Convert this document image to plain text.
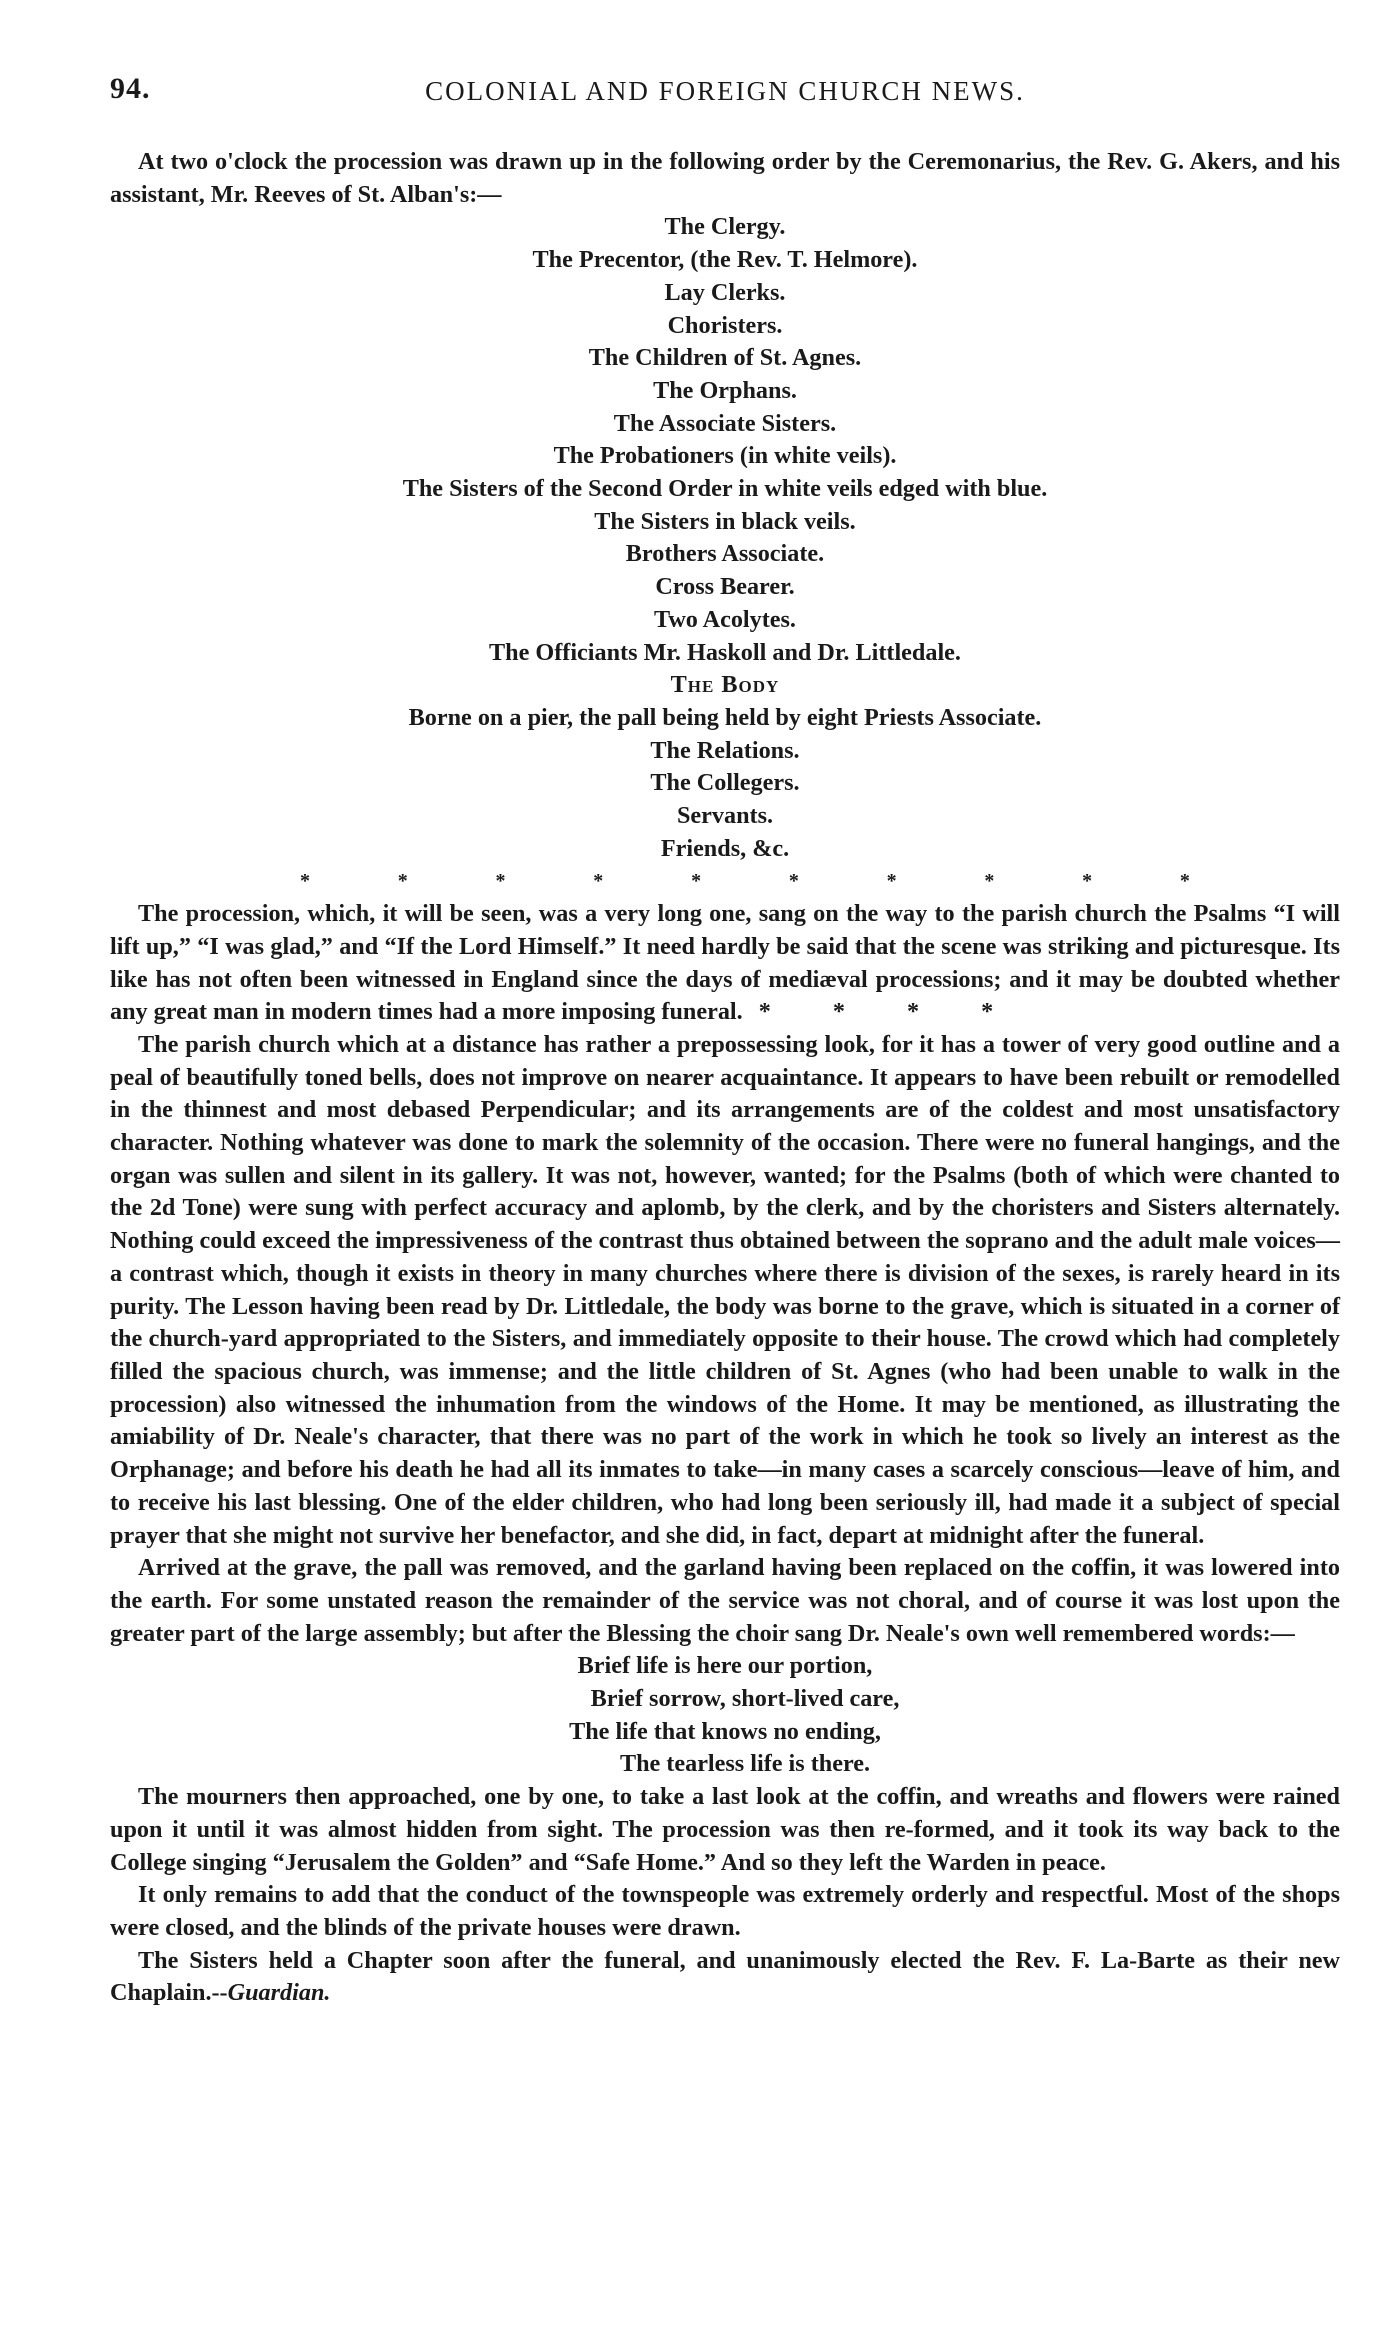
94.	COLONIAL AND FOREIGN CHURCH NEWS.

At two o'clock the procession was drawn up in the following order by the Ceremonarius, the Rev. G. Akers, and his assistant, Mr. Reeves of St. Alban's:—

The Clergy.
The Precentor, (the Rev. T. Helmore).
Lay Clerks.
Choristers.
The Children of St. Agnes.
The Orphans.
The Associate Sisters.
The Probationers (in white veils).
The Sisters of the Second Order in white veils edged with blue.
The Sisters in black veils.
Brothers Associate.
Cross Bearer.
Two Acolytes.
The Officiants Mr. Haskoll and Dr. Littledale.
The Body
Borne on a pier, the pall being held by eight Priests Associate.
The Relations.
The Collegers.
Servants.
Friends, &c.
*	*	*	*	*	*	*	*	*	*

The procession, which, it will be seen, was a very long one, sang on the way to the parish church the Psalms “I will lift up,” “I was glad,” and “If the Lord Himself.” It need hardly be said that the scene was striking and picturesque. Its like has not often been witnessed in England since the days of mediæval processions; and it may be doubted whether any great man in modern times had a more imposing funeral. * * * *

The parish church which at a distance has rather a prepossessing look, for it has a tower of very good outline and a peal of beautifully toned bells, does not improve on nearer acquaintance. It appears to have been rebuilt or remodelled in the thinnest and most debased Perpendicular; and its arrangements are of the coldest and most unsatisfactory character. Nothing whatever was done to mark the solemnity of the occasion. There were no funeral hangings, and the organ was sullen and silent in its gallery. It was not, however, wanted; for the Psalms (both of which were chanted to the 2d Tone) were sung with perfect accuracy and aplomb, by the clerk, and by the choristers and Sisters alternately. Nothing could exceed the impressiveness of the contrast thus obtained between the soprano and the adult male voices—a contrast which, though it exists in theory in many churches where there is division of the sexes, is rarely heard in its purity. The Lesson having been read by Dr. Littledale, the body was borne to the grave, which is situated in a corner of the church-yard appropriated to the Sisters, and immediately opposite to their house. The crowd which had completely filled the spacious church, was immense; and the little children of St. Agnes (who had been unable to walk in the procession) also witnessed the inhumation from the windows of the Home. It may be mentioned, as illustrating the amiability of Dr. Neale's character, that there was no part of the work in which he took so lively an interest as the Orphanage; and before his death he had all its inmates to take—in many cases a scarcely conscious—leave of him, and to receive his last blessing. One of the elder children, who had long been seriously ill, had made it a subject of special prayer that she might not survive her benefactor, and she did, in fact, depart at midnight after the funeral.

Arrived at the grave, the pall was removed, and the garland having been replaced on the coffin, it was lowered into the earth. For some unstated reason the remainder of the service was not choral, and of course it was lost upon the greater part of the large assembly; but after the Blessing the choir sang Dr. Neale's own well remembered words:—

Brief life is here our portion,
Brief sorrow, short-lived care,
The life that knows no ending,
The tearless life is there.

The mourners then approached, one by one, to take a last look at the coffin, and wreaths and flowers were rained upon it until it was almost hidden from sight. The procession was then re-formed, and it took its way back to the College singing “Jerusalem the Golden” and “Safe Home.” And so they left the Warden in peace.

It only remains to add that the conduct of the townspeople was extremely orderly and respectful. Most of the shops were closed, and the blinds of the private houses were drawn.

The Sisters held a Chapter soon after the funeral, and unanimously elected the Rev. F. La-Barte as their new Chaplain.--Guardian.
